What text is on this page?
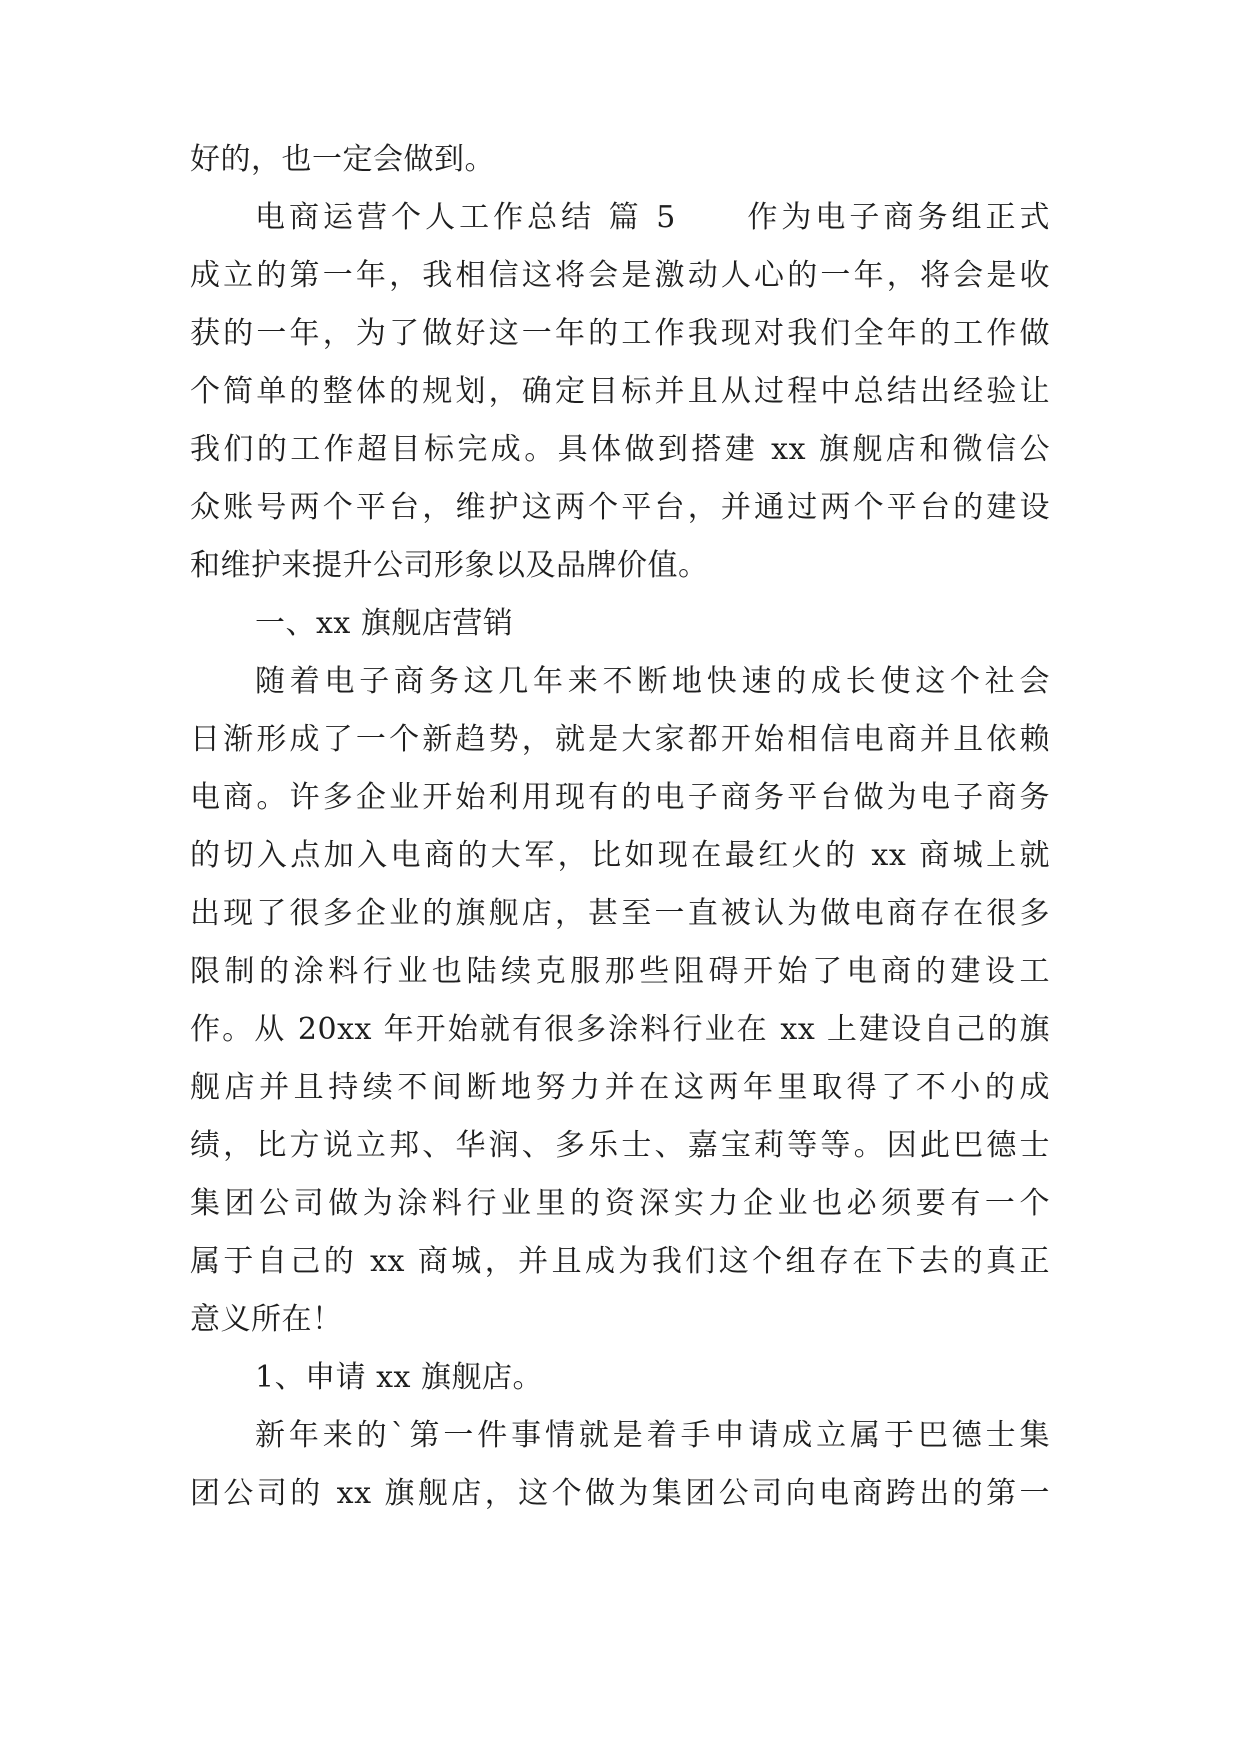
好的，也一定会做到。
电商运营个人工作总结 篇 5　　作为电子商务组正式
成立的第一年，我相信这将会是激动人心的一年，将会是收
获的一年，为了做好这一年的工作我现对我们全年的工作做
个简单的整体的规划，确定目标并且从过程中总结出经验让
我们的工作超目标完成。具体做到搭建 xx 旗舰店和微信公
众账号两个平台，维护这两个平台，并通过两个平台的建设
和维护来提升公司形象以及品牌价值。
一、xx 旗舰店营销
随着电子商务这几年来不断地快速的成长使这个社会
日渐形成了一个新趋势，就是大家都开始相信电商并且依赖
电商。许多企业开始利用现有的电子商务平台做为电子商务
的切入点加入电商的大军，比如现在最红火的 xx 商城上就
出现了很多企业的旗舰店，甚至一直被认为做电商存在很多
限制的涂料行业也陆续克服那些阻碍开始了电商的建设工
作。从 20xx 年开始就有很多涂料行业在 xx 上建设自己的旗
舰店并且持续不间断地努力并在这两年里取得了不小的成
绩，比方说立邦、华润、多乐士、嘉宝莉等等。因此巴德士
集团公司做为涂料行业里的资深实力企业也必须要有一个
属于自己的 xx 商城，并且成为我们这个组存在下去的真正
意义所在！
1、申请 xx 旗舰店。
新年来的`第一件事情就是着手申请成立属于巴德士集
团公司的 xx 旗舰店，这个做为集团公司向电商跨出的第一
